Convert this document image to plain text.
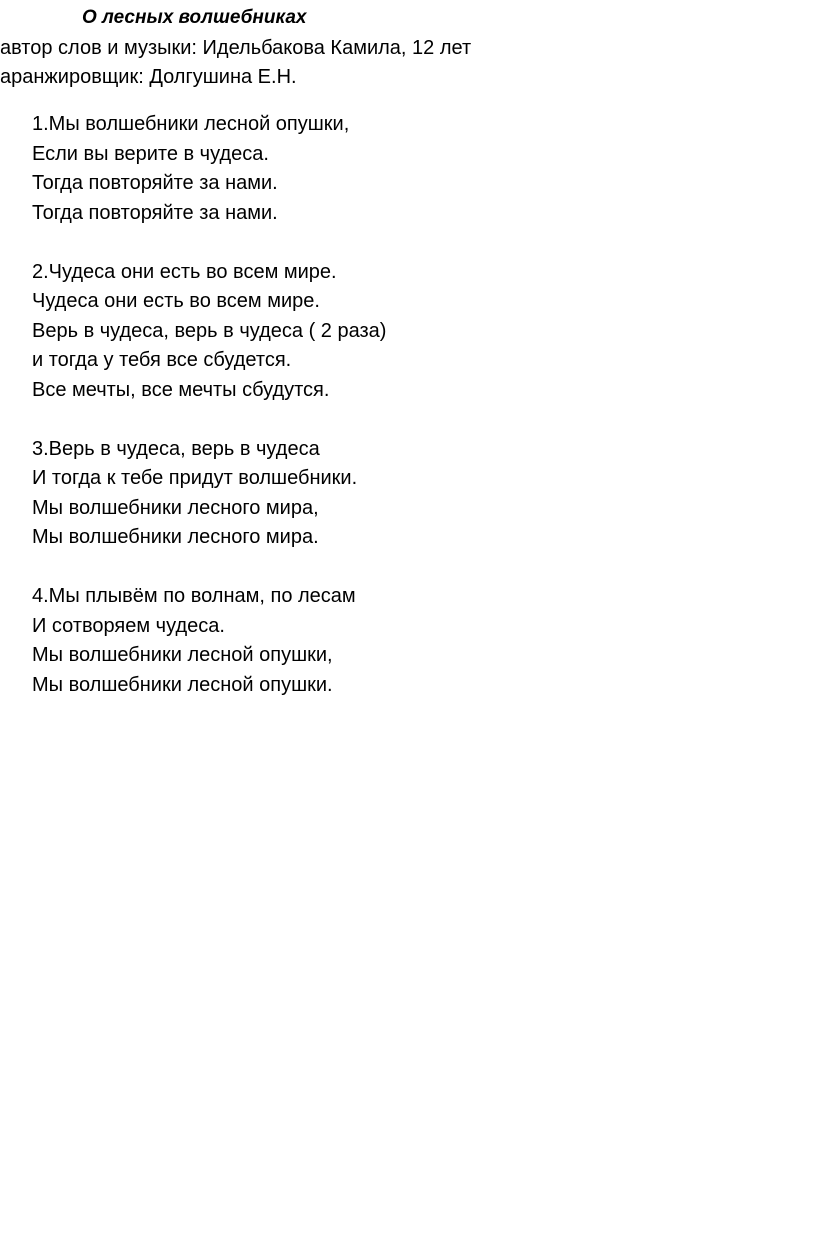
О лесных волшебниках
автор слов и музыки: Идельбакова Камила, 12 лет
аранжировщик: Долгушина Е.Н.
1.Мы волшебники лесной опушки,
Если вы верите в чудеса.
Тогда повторяйте за нами.
Тогда повторяйте за нами.
2.Чудеса они есть во всем мире.
Чудеса они есть во всем мире.
Верь в чудеса, верь в чудеса ( 2 раза)
и тогда у тебя все сбудется.
Все мечты, все мечты сбудутся.
3.Верь в чудеса, верь в чудеса
И тогда к тебе придут волшебники.
Мы волшебники лесного мира,
Мы волшебники лесного мира.
4.Мы плывём по волнам, по лесам
И сотворяем чудеса.
Мы волшебники лесной опушки,
Мы волшебники лесной опушки.
